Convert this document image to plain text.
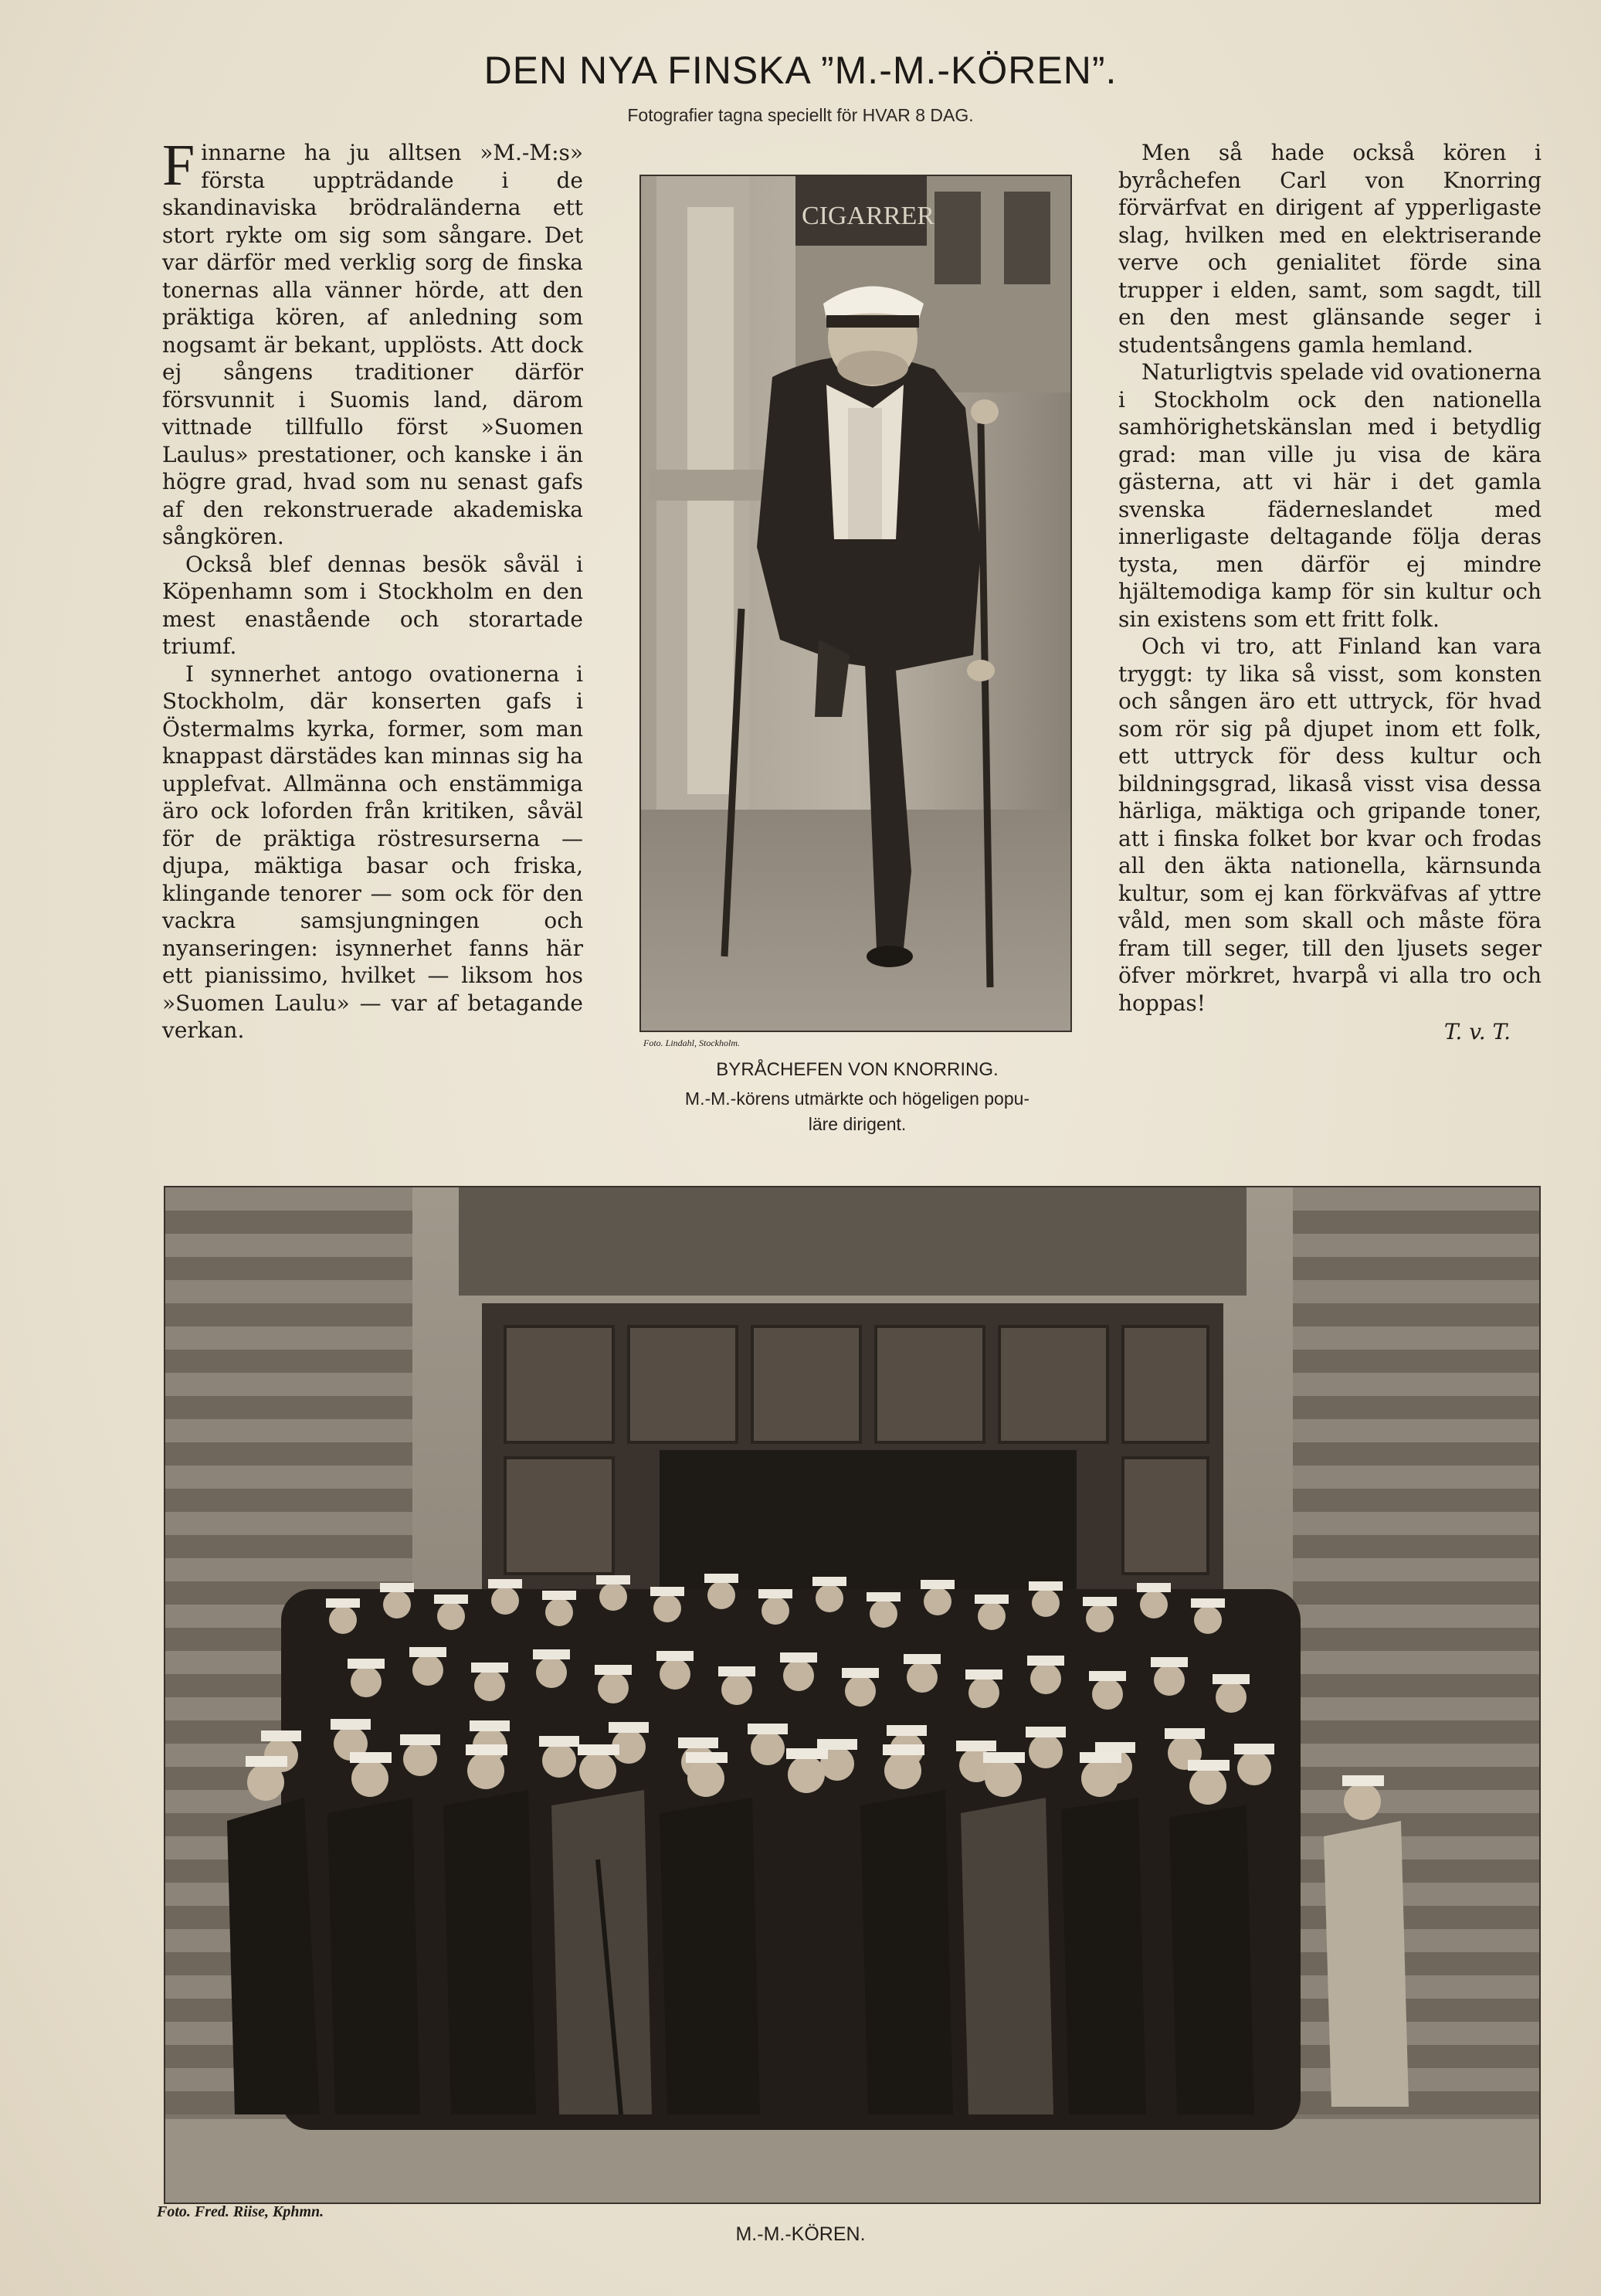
DEN NYA FINSKA ”M.-M.-KÖREN”.
Fotografier tagna speciellt för HVAR 8 DAG.

Finnarne ha ju alltsen »M.-M:s» första uppträdande i de skandinaviska brödraländerna ett stort rykte om sig som sångare. Det var därför med verklig sorg de finska tonernas alla vänner hörde, att den präktiga kören, af anledning som nogsamt är bekant, upplösts. Att dock ej sångens traditioner därför försvunnit i Suomis land, därom vittnade tillfullo först »Suomen Laulus» prestationer, och kanske i än högre grad, hvad som nu senast gafs af den rekonstruerade akademiska sångkören.

Också blef dennas besök såväl i Köpenhamn som i Stockholm en den mest enastående och storartade triumf.

I synnerhet antogo ovationerna i Stockholm, där konserten gafs i Östermalms kyrka, former, som man knappast därstädes kan minnas sig ha upplefvat. Allmänna och enstämmiga äro ock loforden från kritiken, såväl för de präktiga röstresurserna — djupa, mäktiga basar och friska, klingande tenorer — som ock för den vackra samsjungningen och nyanseringen: isynnerhet fanns här ett pianissimo, hvilket — liksom hos »Suomen Laulu» — var af betagande verkan.

Men så hade också kören i byråchefen Carl von Knorring förvärfvat en dirigent af ypperligaste slag, hvilken med en elektriserande verve och genialitet förde sina trupper i elden, samt, som sagdt, till en den mest glänsande seger i studentsångens gamla hemland.

Naturligtvis spelade vid ovationerna i Stockholm ock den nationella samhörighetskänslan med i betydlig grad: man ville ju visa de kära gästerna, att vi här i det gamla svenska fäderneslandet med innerligaste deltagande följa deras tysta, men därför ej mindre hjältemodiga kamp för sin kultur och sin existens som ett fritt folk.

Och vi tro, att Finland kan vara tryggt: ty lika så visst, som konsten och sången äro ett uttryck, för hvad som rör sig på djupet inom ett folk, ett uttryck för dess kultur och bildningsgrad, likaså visst visa dessa härliga, mäktiga och gripande toner, att i finska folket bor kvar och frodas all den äkta nationella, kärnsunda kultur, som ej kan förkväfvas af yttre våld, men som skall och måste föra fram till seger, till den ljusets seger öfver mörkret, hvarpå vi alla tro och hoppas!

T. v. T.
CIGARRER
Foto. Lindahl, Stockholm.
BYRÅCHEFEN VON KNORRING.
M.-M.-körens utmärkte och högeligen popu-
läre dirigent.
Foto. Fred. Riise, Kphmn.
M.-M.-KÖREN.
